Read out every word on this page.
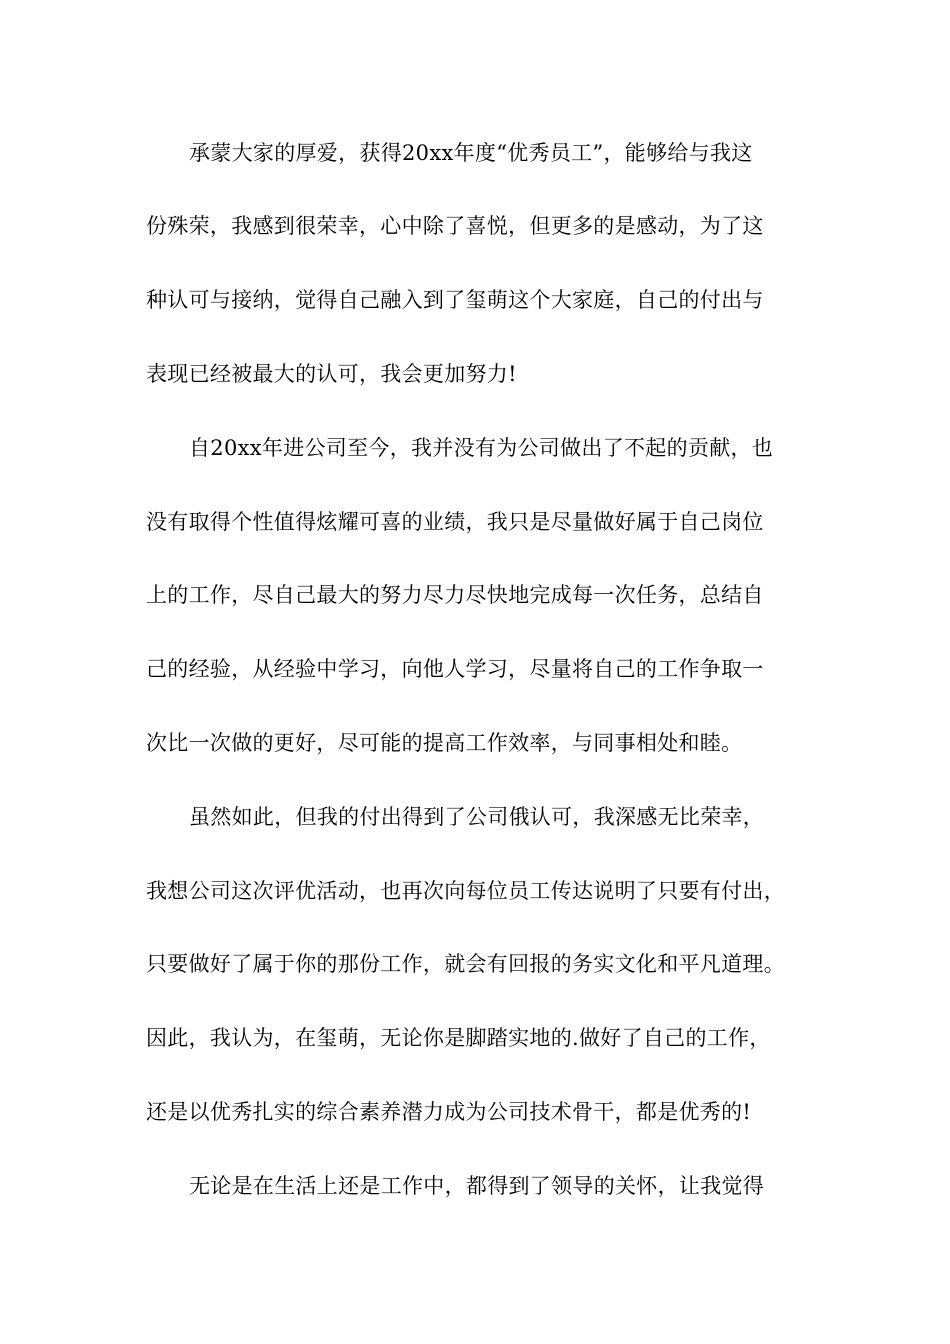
承蒙大家的厚爱，获得20xx年度“优秀员工”，能够给与我这
份殊荣，我感到很荣幸，心中除了喜悦，但更多的是感动，为了这
种认可与接纳，觉得自己融入到了玺萌这个大家庭，自己的付出与
表现已经被最大的认可，我会更加努力!
自20xx年进公司至今，我并没有为公司做出了不起的贡献，也
没有取得个性值得炫耀可喜的业绩，我只是尽量做好属于自己岗位
上的工作，尽自己最大的努力尽力尽快地完成每一次任务，总结自
己的经验，从经验中学习，向他人学习，尽量将自己的工作争取一
次比一次做的更好，尽可能的提高工作效率，与同事相处和睦。
虽然如此，但我的付出得到了公司俄认可，我深感无比荣幸，
我想公司这次评优活动，也再次向每位员工传达说明了只要有付出，
只要做好了属于你的那份工作，就会有回报的务实文化和平凡道理。
因此，我认为，在玺萌，无论你是脚踏实地的.做好了自己的工作，
还是以优秀扎实的综合素养潜力成为公司技术骨干，都是优秀的!
无论是在生活上还是工作中，都得到了领导的关怀，让我觉得
